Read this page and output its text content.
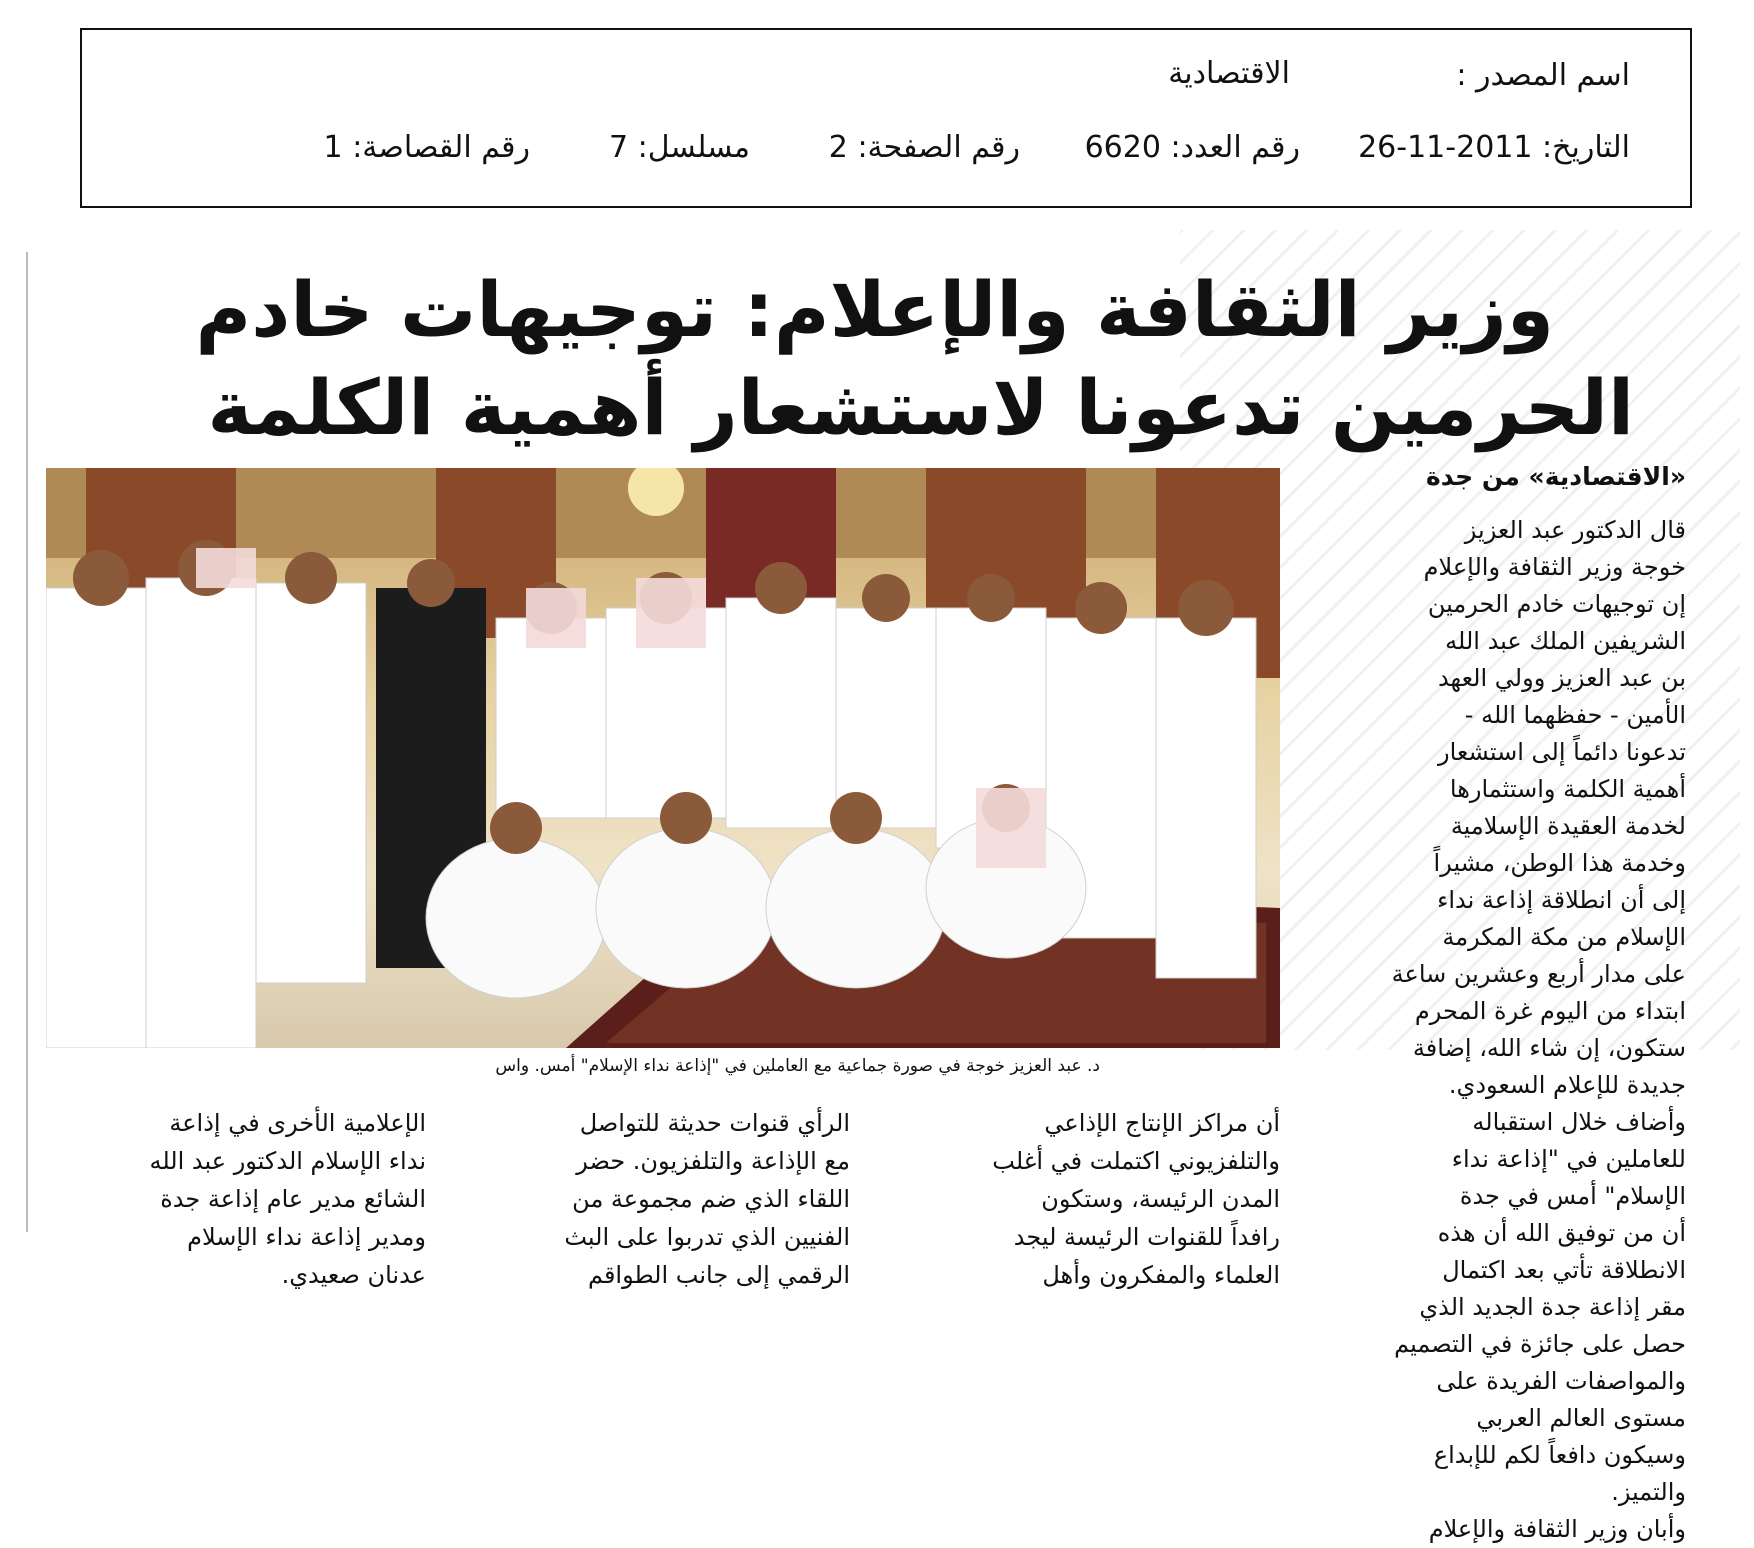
اسم المصدر :
الاقتصادية
التاريخ: 2011-11-26
رقم العدد: 6620
رقم الصفحة: 2
مسلسل: 7
رقم القصاصة: 1
وزير الثقافة والإعلام: توجيهات خادم
الحرمين تدعونا لاستشعار أهمية الكلمة
د. عبد العزيز خوجة في صورة جماعية مع العاملين في "إذاعة نداء الإسلام" أمس. واس
«الاقتصادية» من جدة

قال الدكتور عبد العزيز

خوجة وزير الثقافة والإعلام

إن توجيهات خادم الحرمين

الشريفين الملك عبد الله

بن عبد العزيز وولي العهد

الأمين - حفظهما الله -

تدعونا دائماً إلى استشعار

أهمية الكلمة واستثمارها

لخدمة العقيدة الإسلامية

وخدمة هذا الوطن، مشيراً

إلى أن انطلاقة إذاعة نداء

الإسلام من مكة المكرمة

على مدار أربع وعشرين ساعة

ابتداء من اليوم غرة المحرم

ستكون، إن شاء الله، إضافة

جديدة للإعلام السعودي.

وأضاف خلال استقباله

للعاملين في "إذاعة نداء

الإسلام" أمس في جدة

أن من توفيق الله أن هذه

الانطلاقة تأتي بعد اكتمال

مقر إذاعة جدة الجديد الذي

حصل على جائزة في التصميم

والمواصفات الفريدة على

مستوى العالم العربي

وسيكون دافعاً لكم للإبداع

والتميز.

وأبان وزير الثقافة والإعلام

أن مراكز الإنتاج الإذاعي

والتلفزيوني اكتملت في أغلب

المدن الرئيسة، وستكون

رافداً للقنوات الرئيسة ليجد

العلماء والمفكرون وأهل

الرأي قنوات حديثة للتواصل

مع الإذاعة والتلفزيون. حضر

اللقاء الذي ضم مجموعة من

الفنيين الذي تدربوا على البث

الرقمي إلى جانب الطواقم

الإعلامية الأخرى في إذاعة

نداء الإسلام الدكتور عبد الله

الشائع مدير عام إذاعة جدة

ومدير إذاعة نداء الإسلام

عدنان صعيدي.
